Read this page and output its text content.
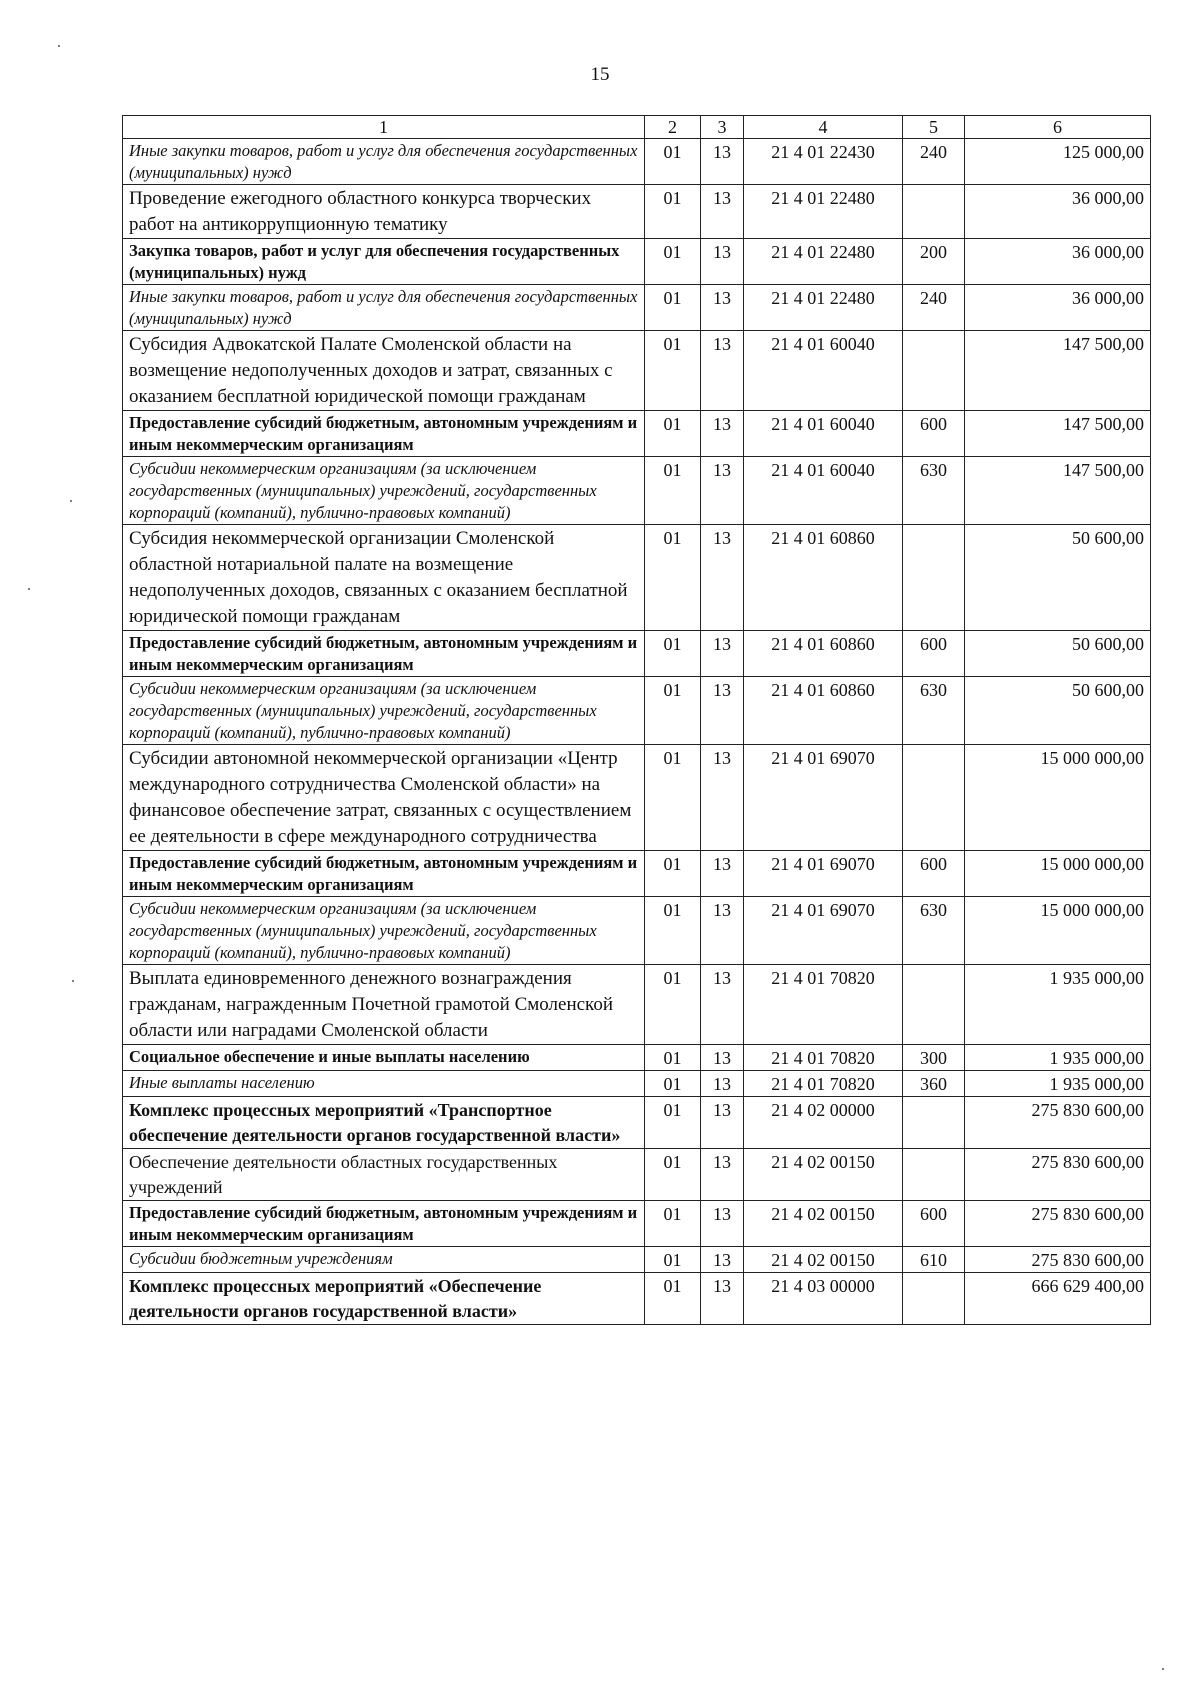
15
1	2	3	4	5	6
Иные закупки товаров, работ и услуг для обеспечения государственных (муниципальных) нужд	01	13	21 4 01 22430	240	125 000,00
Проведение ежегодного областного конкурса творческих работ на антикоррупционную тематику	01	13	21 4 01 22480		36 000,00
Закупка товаров, работ и услуг для обеспечения государственных (муниципальных) нужд	01	13	21 4 01 22480	200	36 000,00
Иные закупки товаров, работ и услуг для обеспечения государственных (муниципальных) нужд	01	13	21 4 01 22480	240	36 000,00
Субсидия Адвокатской Палате Смоленской области на возмещение недополученных доходов и затрат, связанных с оказанием бесплатной юридической помощи гражданам	01	13	21 4 01 60040		147 500,00
Предоставление субсидий бюджетным, автономным учреждениям и иным некоммерческим организациям	01	13	21 4 01 60040	600	147 500,00
Субсидии некоммерческим организациям (за исключением государственных (муниципальных) учреждений, государственных корпораций (компаний), публично-правовых компаний)	01	13	21 4 01 60040	630	147 500,00
Субсидия некоммерческой организации Смоленской областной нотариальной палате на возмещение недополученных доходов, связанных с оказанием бесплатной юридической помощи гражданам	01	13	21 4 01 60860		50 600,00
Предоставление субсидий бюджетным, автономным учреждениям и иным некоммерческим организациям	01	13	21 4 01 60860	600	50 600,00
Субсидии некоммерческим организациям (за исключением государственных (муниципальных) учреждений, государственных корпораций (компаний), публично-правовых компаний)	01	13	21 4 01 60860	630	50 600,00
Субсидии автономной некоммерческой организации «Центр международного сотрудничества Смоленской области» на финансовое обеспечение затрат, связанных с осуществлением ее деятельности в сфере международного сотрудничества	01	13	21 4 01 69070		15 000 000,00
Предоставление субсидий бюджетным, автономным учреждениям и иным некоммерческим организациям	01	13	21 4 01 69070	600	15 000 000,00
Субсидии некоммерческим организациям (за исключением государственных (муниципальных) учреждений, государственных корпораций (компаний), публично-правовых компаний)	01	13	21 4 01 69070	630	15 000 000,00
Выплата единовременного денежного вознаграждения гражданам, награжденным Почетной грамотой Смоленской области или наградами Смоленской области	01	13	21 4 01 70820		1 935 000,00
Социальное обеспечение и иные выплаты населению	01	13	21 4 01 70820	300	1 935 000,00
Иные выплаты населению	01	13	21 4 01 70820	360	1 935 000,00
Комплекс процессных мероприятий «Транспортное обеспечение деятельности органов государственной власти»	01	13	21 4 02 00000		275 830 600,00
Обеспечение деятельности областных государственных учреждений	01	13	21 4 02 00150		275 830 600,00
Предоставление субсидий бюджетным, автономным учреждениям и иным некоммерческим организациям	01	13	21 4 02 00150	600	275 830 600,00
Субсидии бюджетным учреждениям	01	13	21 4 02 00150	610	275 830 600,00
Комплекс процессных мероприятий «Обеспечение деятельности органов государственной власти»	01	13	21 4 03 00000		666 629 400,00
